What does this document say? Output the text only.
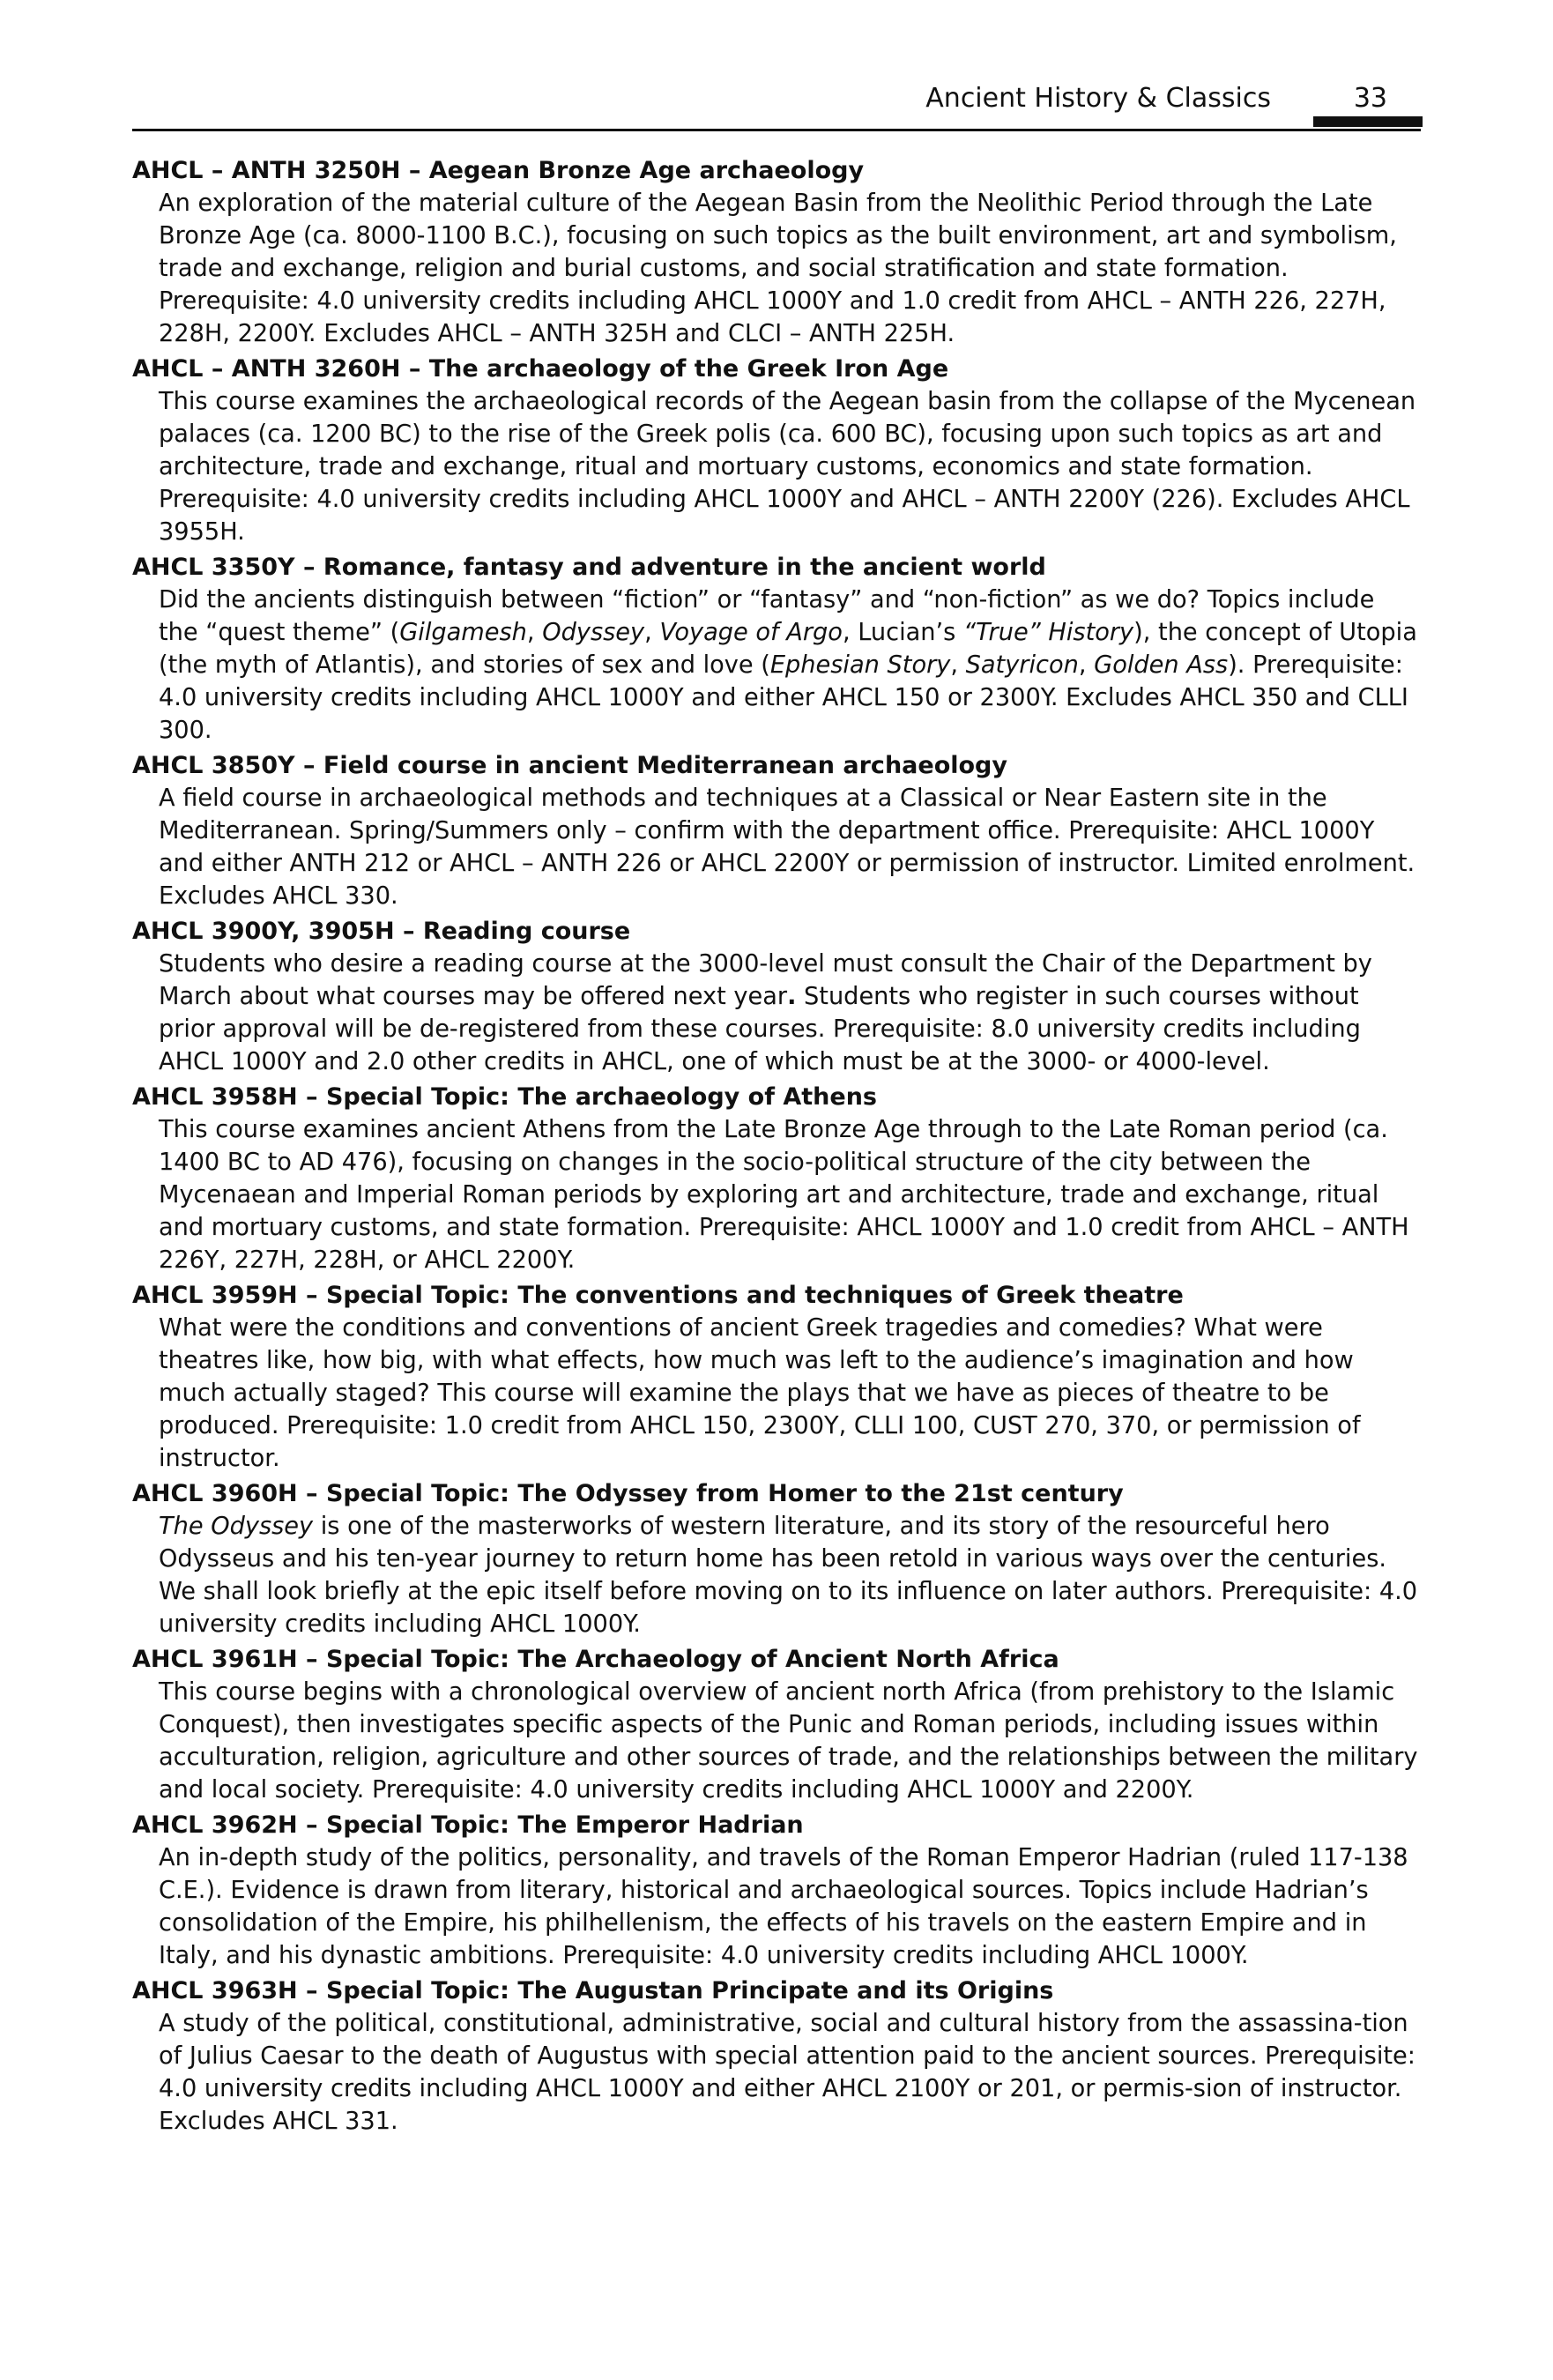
Ancient History & Classics	33

AHCL – ANTH 3250H – Aegean Bronze Age archaeology

An exploration of the material culture of the Aegean Basin from the Neolithic Period through the Late Bronze Age (ca. 8000-1100 B.C.), focusing on such topics as the built environment, art and symbolism, trade and exchange, religion and burial customs, and social stratification and state formation. Prerequisite: 4.0 university credits including AHCL 1000Y and 1.0 credit from AHCL – ANTH 226, 227H, 228H, 2200Y. Excludes AHCL – ANTH 325H and CLCI – ANTH 225H.

AHCL – ANTH 3260H – The archaeology of the Greek Iron Age

This course examines the archaeological records of the Aegean basin from the collapse of the Mycenean palaces (ca. 1200 BC) to the rise of the Greek polis (ca. 600 BC), focusing upon such topics as art and architecture, trade and exchange, ritual and mortuary customs, economics and state formation. Prerequisite: 4.0 university credits including AHCL 1000Y and AHCL – ANTH 2200Y (226). Excludes AHCL 3955H.

AHCL 3350Y – Romance, fantasy and adventure in the ancient world

Did the ancients distinguish between “fiction” or “fantasy” and “non-fiction” as we do? Topics include the “quest theme” (Gilgamesh, Odyssey, Voyage of Argo, Lucian’s “True” History), the concept of Utopia (the myth of Atlantis), and stories of sex and love (Ephesian Story, Satyricon, Golden Ass). Prerequisite: 4.0 university credits including AHCL 1000Y and either AHCL 150 or 2300Y. Excludes AHCL 350 and CLLI 300.

AHCL 3850Y – Field course in ancient Mediterranean archaeology

A field course in archaeological methods and techniques at a Classical or Near Eastern site in the Mediterranean. Spring/Summers only – confirm with the department office. Prerequisite: AHCL 1000Y and either ANTH 212 or AHCL – ANTH 226 or AHCL 2200Y or permission of instructor. Limited enrolment. Excludes AHCL 330.

AHCL 3900Y, 3905H – Reading course

Students who desire a reading course at the 3000-level must consult the Chair of the Department by March about what courses may be offered next year. Students who register in such courses without prior approval will be de-registered from these courses. Prerequisite: 8.0 university credits including AHCL 1000Y and 2.0 other credits in AHCL, one of which must be at the 3000- or 4000-level.

AHCL 3958H – Special Topic: The archaeology of Athens

This course examines ancient Athens from the Late Bronze Age through to the Late Roman period (ca. 1400 BC to AD 476), focusing on changes in the socio-political structure of the city between the Mycenaean and Imperial Roman periods by exploring art and architecture, trade and exchange, ritual and mortuary customs, and state formation. Prerequisite: AHCL 1000Y and 1.0 credit from AHCL – ANTH 226Y, 227H, 228H, or AHCL 2200Y.

AHCL 3959H – Special Topic: The conventions and techniques of Greek theatre

What were the conditions and conventions of ancient Greek tragedies and comedies? What were theatres like, how big, with what effects, how much was left to the audience’s imagination and how much actually staged? This course will examine the plays that we have as pieces of theatre to be produced. Prerequisite: 1.0 credit from AHCL 150, 2300Y, CLLI 100, CUST 270, 370, or permission of instructor.

AHCL 3960H – Special Topic: The Odyssey from Homer to the 21st century

The Odyssey is one of the masterworks of western literature, and its story of the resourceful hero Odysseus and his ten-year journey to return home has been retold in various ways over the centuries. We shall look briefly at the epic itself before moving on to its influence on later authors. Prerequisite: 4.0 university credits including AHCL 1000Y.

AHCL 3961H – Special Topic: The Archaeology of Ancient North Africa

This course begins with a chronological overview of ancient north Africa (from prehistory to the Islamic Conquest), then investigates specific aspects of the Punic and Roman periods, including issues within acculturation, religion, agriculture and other sources of trade, and the relationships between the military and local society. Prerequisite: 4.0 university credits including AHCL 1000Y and 2200Y.

AHCL 3962H – Special Topic: The Emperor Hadrian

An in-depth study of the politics, personality, and travels of the Roman Emperor Hadrian (ruled 117-138 C.E.). Evidence is drawn from literary, historical and archaeological sources. Topics include Hadrian’s consolidation of the Empire, his philhellenism, the effects of his travels on the eastern Empire and in Italy, and his dynastic ambitions. Prerequisite: 4.0 university credits including AHCL 1000Y.

AHCL 3963H – Special Topic: The Augustan Principate and its Origins

A study of the political, constitutional, administrative, social and cultural history from the assassina-tion of Julius Caesar to the death of Augustus with special attention paid to the ancient sources. Prerequisite: 4.0 university credits including AHCL 1000Y and either AHCL 2100Y or 201, or permis-sion of instructor. Excludes AHCL 331.
